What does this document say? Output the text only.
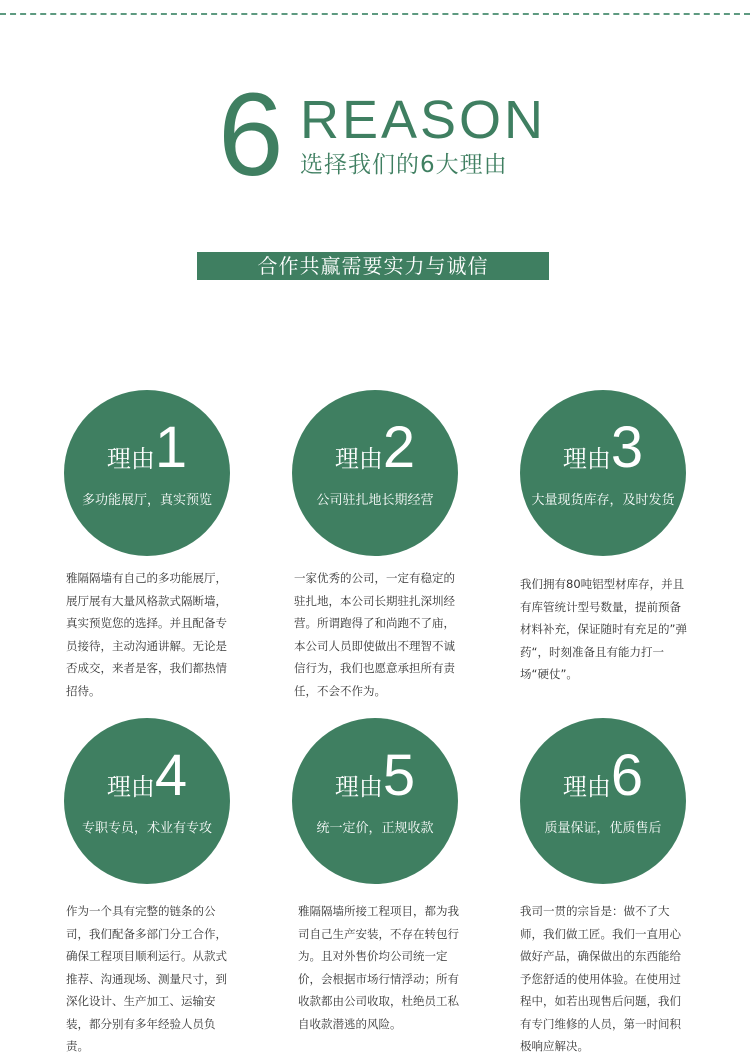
6 REASON
选择我们的6大理由
合作共赢需要实力与诚信
理由1
多功能展厅，真实预览
雅隔隔墙有自己的多功能展厅，展厅展有大量风格款式隔断墙，真实预览您的选择。并且配备专员接待，主动沟通讲解。无论是否成交，来者是客，我们都热情招待。
理由2
公司驻扎地长期经营
一家优秀的公司，一定有稳定的驻扎地，本公司长期驻扎深圳经营。所谓跑得了和尚跑不了庙，本公司人员即使做出不理智不诚信行为，我们也愿意承担所有责任，不会不作为。
理由3
大量现货库存，及时发货
我们拥有80吨铝型材库存，并且有库管统计型号数量，提前预备材料补充，保证随时有充足的”弹药“，时刻准备且有能力打一场“硬仗”。
理由4
专职专员，术业有专攻
作为一个具有完整的链条的公司，我们配备多部门分工合作，确保工程项目顺利运行。从款式推荐、沟通现场、测量尺寸，到深化设计、生产加工、运输安装，都分别有多年经验人员负责。
理由5
统一定价，正规收款
雅隔隔墙所接工程项目，都为我司自己生产安装，不存在转包行为。且对外售价均公司统一定价，会根据市场行情浮动；所有收款都由公司收取，杜绝员工私自收款潜逃的风险。
理由6
质量保证，优质售后
我司一贯的宗旨是：做不了大师，我们做工匠。我们一直用心做好产品，确保做出的东西能给予您舒适的使用体验。在使用过程中，如若出现售后问题，我们有专门维修的人员，第一时间积极响应解决。
